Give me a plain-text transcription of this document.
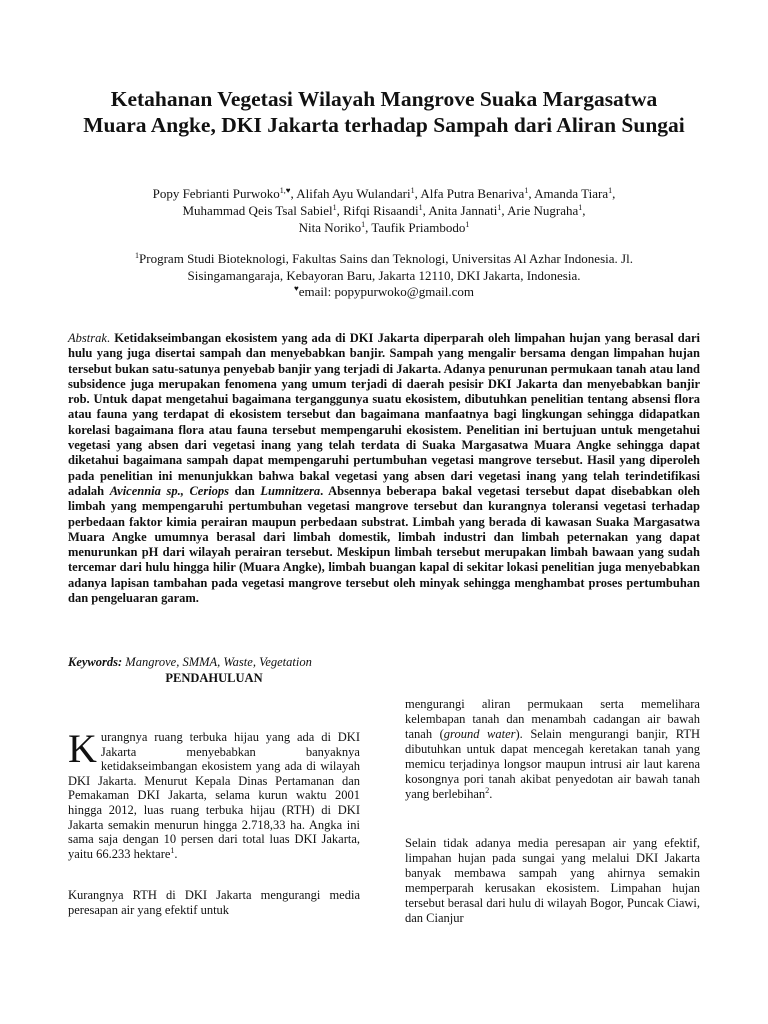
Ketahanan Vegetasi Wilayah Mangrove Suaka Margasatwa Muara Angke, DKI Jakarta terhadap Sampah dari Aliran Sungai
Popy Febrianti Purwoko$^{1,♥}$, Alifah Ayu Wulandari$^1$, Alfa Putra Benariva$^1$, Amanda Tiara$^1$,
Muhammad Qeis Tsal Sabiel$^1$, Rifqi Risaandi$^1$, Anita Jannati$^1$, Arie Nugraha$^1$,
Nita Noriko$^1$, Taufik Priambodo$^1$
$^1$Program Studi Bioteknologi, Fakultas Sains dan Teknologi, Universitas Al Azhar Indonesia. Jl.
Sisingamangaraja, Kebayoran Baru, Jakarta 12110, DKI Jakarta, Indonesia.
♥email: popypurwoko@gmail.com
Abstrak. Ketidakseimbangan ekosistem yang ada di DKI Jakarta diperparah oleh limpahan hujan yang berasal dari hulu yang juga disertai sampah dan menyebabkan banjir. Sampah yang mengalir bersama dengan limpahan hujan tersebut bukan satu-satunya penyebab banjir yang terjadi di Jakarta. Adanya penurunan permukaan tanah atau land subsidence juga merupakan fenomena yang umum terjadi di daerah pesisir DKI Jakarta dan menyebabkan banjir rob. Untuk dapat mengetahui bagaimana terganggunya suatu ekosistem, dibutuhkan penelitian tentang absensi flora atau fauna yang terdapat di ekosistem tersebut dan bagaimana manfaatnya bagi lingkungan sehingga didapatkan korelasi bagaimana flora atau fauna tersebut mempengaruhi ekosistem. Penelitian ini bertujuan untuk mengetahui vegetasi yang absen dari vegetasi inang yang telah terdata di Suaka Margasatwa Muara Angke sehingga dapat diketahui bagaimana sampah dapat mempengaruhi pertumbuhan vegetasi mangrove tersebut. Hasil yang diperoleh pada penelitian ini menunjukkan bahwa bakal vegetasi yang absen dari vegetasi inang yang telah terindetifikasi adalah Avicennia sp., Ceriops dan Lumnitzera. Absennya beberapa bakal vegetasi tersebut dapat disebabkan oleh limbah yang mempengaruhi pertumbuhan vegetasi mangrove tersebut dan kurangnya toleransi vegetasi terhadap perbedaan faktor kimia perairan maupun perbedaan substrat. Limbah yang berada di kawasan Suaka Margasatwa Muara Angke umumnya berasal dari limbah domestik, limbah industri dan limbah peternakan yang dapat menurunkan pH dari wilayah perairan tersebut. Meskipun limbah tersebut merupakan limbah bawaan yang sudah tercemar dari hulu hingga hilir (Muara Angke), limbah buangan kapal di sekitar lokasi penelitian juga menyebabkan adanya lapisan tambahan pada vegetasi mangrove tersebut oleh minyak sehingga menghambat proses pertumbuhan dan pengeluaran garam.
Keywords: Mangrove, SMMA, Waste, Vegetation
PENDAHULUAN
Kurangnya ruang terbuka hijau yang ada di DKI Jakarta menyebabkan banyaknya ketidakseimbangan ekosistem yang ada di wilayah DKI Jakarta. Menurut Kepala Dinas Pertamanan dan Pemakaman DKI Jakarta, selama kurun waktu 2001 hingga 2012, luas ruang terbuka hijau (RTH) di DKI Jakarta semakin menurun hingga 2.718,33 ha. Angka ini sama saja dengan 10 persen dari total luas DKI Jakarta, yaitu 66.233 hektare$^1$.
Kurangnya RTH di DKI Jakarta mengurangi media peresapan air yang efektif untuk
mengurangi aliran permukaan serta memelihara kelembapan tanah dan menambah cadangan air bawah tanah (ground water). Selain mengurangi banjir, RTH dibutuhkan untuk dapat mencegah keretakan tanah yang memicu terjadinya longsor maupun intrusi air laut karena kosongnya pori tanah akibat penyedotan air bawah tanah yang berlebihan$^2$.
Selain tidak adanya media peresapan air yang efektif, limpahan hujan pada sungai yang melalui DKI Jakarta banyak membawa sampah yang ahirnya semakin memperparah kerusakan ekosistem. Limpahan hujan tersebut berasal dari hulu di wilayah Bogor, Puncak Ciawi, dan Cianjur
